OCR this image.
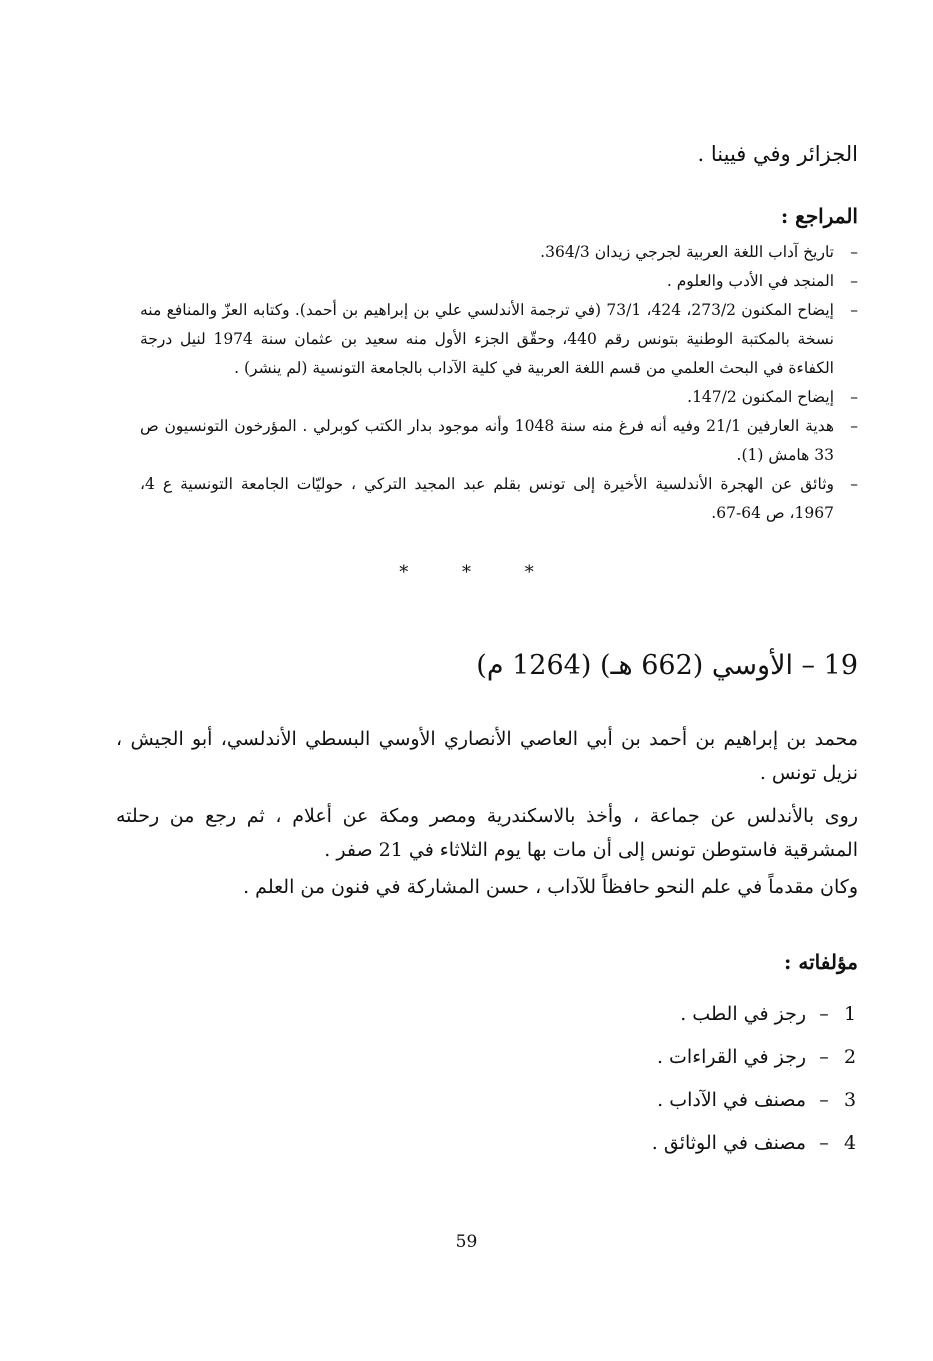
الجزائر وفي فيينا .
المراجع :
–
تاريخ آداب اللغة العربية لجرجي زيدان 364/3.
–
المنجد في الأدب والعلوم .
–
إيضاح المكنون 273/2، 424، 73/1 (في ترجمة الأندلسي علي بن إبراهيم بن أحمد). وكتابه العزّ والمنافع منه نسخة بالمكتبة الوطنية بتونس رقم 440، وحقّق الجزء الأول منه سعيد بن عثمان سنة 1974 لنيل درجة الكفاءة في البحث العلمي من قسم اللغة العربية في كلية الآداب بالجامعة التونسية (لم ينشر) .
–
إيضاح المكنون 147/2.
–
هدية العارفين 21/1 وفيه أنه فرغ منه سنة 1048 وأنه موجود بدار الكتب كوبرلي . المؤرخون التونسيون ص 33 هامش (1).
–
وثائق عن الهجرة الأندلسية الأخيرة إلى تونس بقلم عبد المجيد التركي ، حوليّات الجامعة التونسية ع 4، 1967، ص 64-67.
*	*	*
19 – الأوسي (662 هـ) (1264 م)
محمد بن إبراهيم بن أحمد بن أبي العاصي الأنصاري الأوسي البسطي الأندلسي، أبو الجيش ، نزيل تونس .
روى بالأندلس عن جماعة ، وأخذ بالاسكندرية ومصر ومكة عن أعلام ، ثم رجع من رحلته المشرقية فاستوطن تونس إلى أن مات بها يوم الثلاثاء في 21 صفر .
وكان مقدماً في علم النحو حافظاً للآداب ، حسن المشاركة في فنون من العلم .
مؤلفاته :
1–رجز في الطب .
2–رجز في القراءات .
3–مصنف في الآداب .
4–مصنف في الوثائق .
59
